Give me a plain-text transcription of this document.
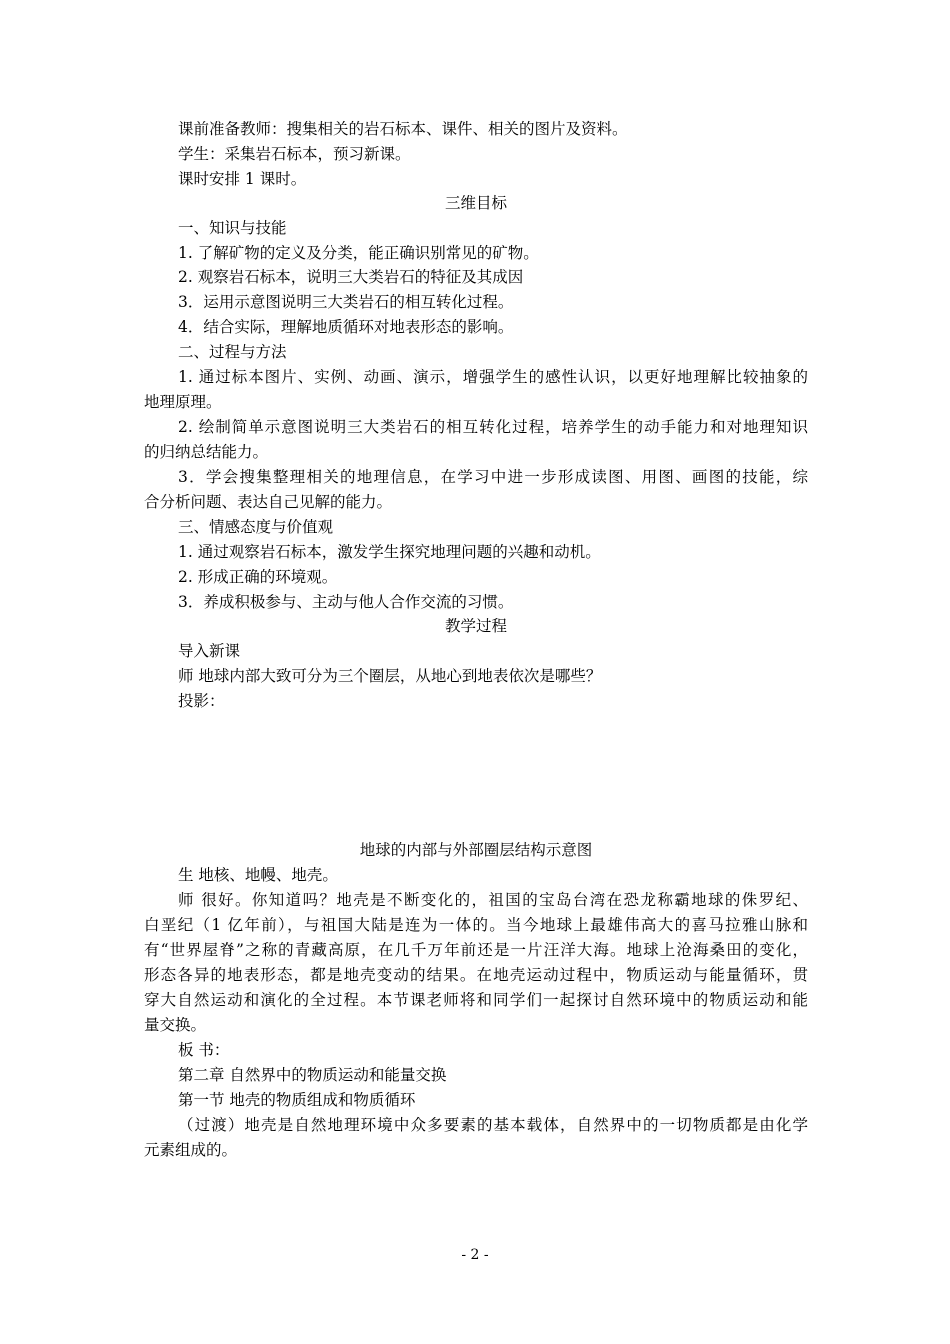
课前准备教师：搜集相关的岩石标本、课件、相关的图片及资料。
学生：采集岩石标本，预习新课。
课时安排 1 课时。
三维目标
一、知识与技能
1. 了解矿物的定义及分类，能正确识别常见的矿物。
2. 观察岩石标本，说明三大类岩石的特征及其成因
3．运用示意图说明三大类岩石的相互转化过程。
4．结合实际，理解地质循环对地表形态的影响。
二、过程与方法
1. 通过标本图片、实例、动画、演示，增强学生的感性认识，以更好地理解比较抽象的
地理原理。
2. 绘制简单示意图说明三大类岩石的相互转化过程，培养学生的动手能力和对地理知识
的归纳总结能力。
3．学会搜集整理相关的地理信息，在学习中进一步形成读图、用图、画图的技能，综
合分析问题、表达自己见解的能力。
三、情感态度与价值观
1. 通过观察岩石标本，激发学生探究地理问题的兴趣和动机。
2. 形成正确的环境观。
3．养成积极参与、主动与他人合作交流的习惯。
教学过程
导入新课
师 地球内部大致可分为三个圈层，从地心到地表依次是哪些？
投影：
地球的内部与外部圈层结构示意图
生 地核、地幔、地壳。
师 很好。你知道吗？地壳是不断变化的，祖国的宝岛台湾在恐龙称霸地球的侏罗纪、
白垩纪（1 亿年前），与祖国大陆是连为一体的。当今地球上最雄伟高大的喜马拉雅山脉和
有“世界屋脊”之称的青藏高原，在几千万年前还是一片汪洋大海。地球上沧海桑田的变化，
形态各异的地表形态，都是地壳变动的结果。在地壳运动过程中，物质运动与能量循环，贯
穿大自然运动和演化的全过程。本节课老师将和同学们一起探讨自然环境中的物质运动和能
量交换。
板 书：
第二章 自然界中的物质运动和能量交换
第一节 地壳的物质组成和物质循环
（过渡）地壳是自然地理环境中众多要素的基本载体，自然界中的一切物质都是由化学
元素组成的。
- 2 -
